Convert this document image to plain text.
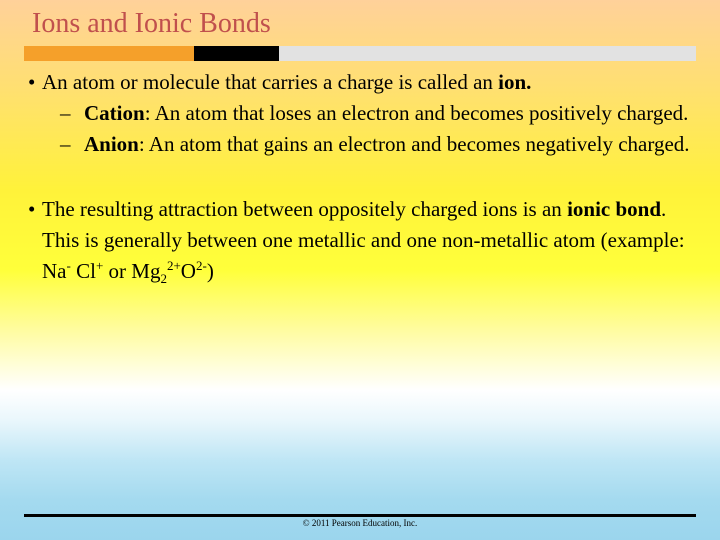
Ions and Ionic Bonds
• An atom or molecule that carries a charge is called an ion.
– Cation: An atom that loses an electron and becomes positively charged.
– Anion: An atom that gains an electron and becomes negatively charged.
• The resulting attraction between oppositely charged ions is an ionic bond. This is generally between one metallic and one non-metallic atom (example: Na- Cl+ or $Mg_2^{2+}O^{2-}$)
© 2011 Pearson Education, Inc.
